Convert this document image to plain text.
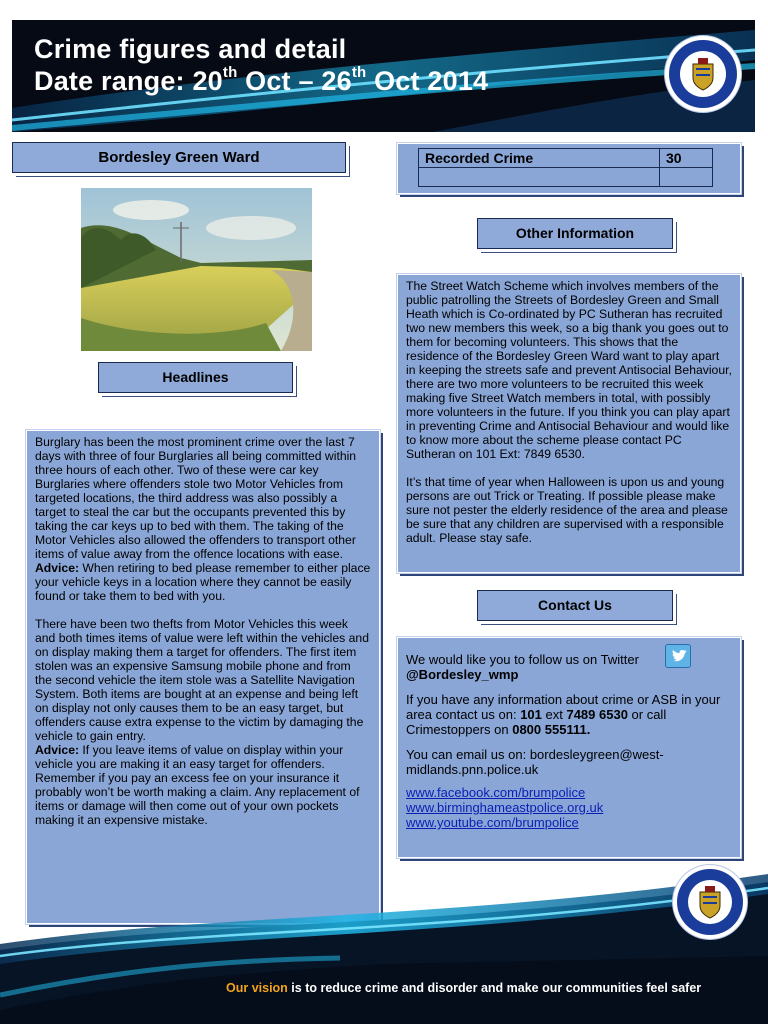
Crime figures and detail
Date range: 20th Oct – 26th Oct 2014
Bordesley Green Ward	Recorded Crime	30

Headlines

Burglary has been the most prominent crime over the last 7 days with three of four Burglaries all being committed within three hours of each other. Two of these were car key Burglaries where offenders stole two Motor Vehicles from targeted locations, the third address was also possibly a target to steal the car but the occupants prevented this by taking the car keys up to bed with them. The taking of the Motor Vehicles also allowed the offenders to transport other items of value away from the offence locations with ease. Advice: When retiring to bed please remember to either place your vehicle keys in a location where they cannot be easily found or take them to bed with you.

There have been two thefts from Motor Vehicles this week and both times items of value were left within the vehicles and on display making them a target for offenders. The first item stolen was an expensive Samsung mobile phone and from the second vehicle the item stole was a Satellite Navigation System. Both items are bought at an expense and being left on display not only causes them to be an easy target, but offenders cause extra expense to the victim by damaging the vehicle to gain entry.
Advice: If you leave items of value on display within your vehicle you are making it an easy target for offenders. Remember if you pay an excess fee on your insurance it probably won’t be worth making a claim. Any replacement of items or damage will then come out of your own pockets making it an expensive mistake.

Other Information

The Street Watch Scheme which involves members of the public patrolling the Streets of Bordesley Green and Small Heath which is Co-ordinated by PC Sutheran has recruited two new members this week, so a big thank you goes out to them for becoming volunteers. This shows that the residence of the Bordesley Green Ward want to play apart in keeping the streets safe and prevent Antisocial Behaviour, there are two more volunteers to be recruited this week making five Street Watch members in total, with possibly more volunteers in the future. If you think you can play apart in preventing Crime and Antisocial Behaviour and would like to know more about the scheme please contact PC Sutheran on 101 Ext: 7849 6530.

It’s that time of year when Halloween is upon us and young persons are out Trick or Treating. If possible please make sure not pester the elderly residence of the area and please be sure that any children are supervised with a responsible adult. Please stay safe.

Contact Us
We would like you to follow us on Twitter
@Bordesley_wmp
If you have any information about crime or ASB in your area contact us on: 101 ext 7489 6530 or call Crimestoppers on 0800 555111.
You can email us on: bordesleygreen@west-
midlands.pnn.police.uk
www.facebook.com/brumpolice
www.birminghameastpolice.org.uk
www.youtube.com/brumpolice
Our vision is to reduce crime and disorder and make our communities feel safer
